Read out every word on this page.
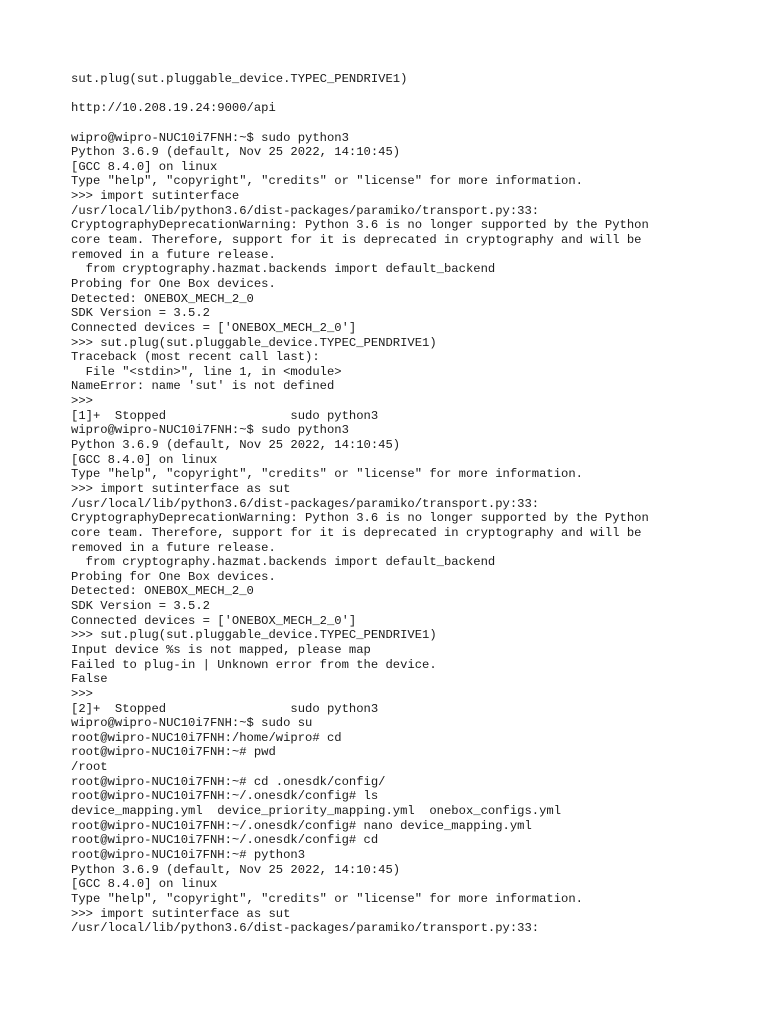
sut.plug(sut.pluggable_device.TYPEC_PENDRIVE1)
http://10.208.19.24:9000/api
wipro@wipro-NUC10i7FNH:~$ sudo python3
Python 3.6.9 (default, Nov 25 2022, 14:10:45)
[GCC 8.4.0] on linux
Type "help", "copyright", "credits" or "license" for more information.
>>> import sutinterface
/usr/local/lib/python3.6/dist-packages/paramiko/transport.py:33:
CryptographyDeprecationWarning: Python 3.6 is no longer supported by the Python
core team. Therefore, support for it is deprecated in cryptography and will be
removed in a future release.
from cryptography.hazmat.backends import default_backend
Probing for One Box devices.
Detected: ONEBOX_MECH_2_0
SDK Version = 3.5.2
Connected devices = ['ONEBOX_MECH_2_0']
>>> sut.plug(sut.pluggable_device.TYPEC_PENDRIVE1)
Traceback (most recent call last):
File "<stdin>", line 1, in <module>
NameError: name 'sut' is not defined
>>>
[1]+  Stopped                 sudo python3
wipro@wipro-NUC10i7FNH:~$ sudo python3
Python 3.6.9 (default, Nov 25 2022, 14:10:45)
[GCC 8.4.0] on linux
Type "help", "copyright", "credits" or "license" for more information.
>>> import sutinterface as sut
/usr/local/lib/python3.6/dist-packages/paramiko/transport.py:33:
CryptographyDeprecationWarning: Python 3.6 is no longer supported by the Python
core team. Therefore, support for it is deprecated in cryptography and will be
removed in a future release.
from cryptography.hazmat.backends import default_backend
Probing for One Box devices.
Detected: ONEBOX_MECH_2_0
SDK Version = 3.5.2
Connected devices = ['ONEBOX_MECH_2_0']
>>> sut.plug(sut.pluggable_device.TYPEC_PENDRIVE1)
Input device %s is not mapped, please map
Failed to plug-in | Unknown error from the device.
False
>>>
[2]+  Stopped                 sudo python3
wipro@wipro-NUC10i7FNH:~$ sudo su
root@wipro-NUC10i7FNH:/home/wipro# cd
root@wipro-NUC10i7FNH:~# pwd
/root
root@wipro-NUC10i7FNH:~# cd .onesdk/config/
root@wipro-NUC10i7FNH:~/.onesdk/config# ls
device_mapping.yml  device_priority_mapping.yml  onebox_configs.yml
root@wipro-NUC10i7FNH:~/.onesdk/config# nano device_mapping.yml
root@wipro-NUC10i7FNH:~/.onesdk/config# cd
root@wipro-NUC10i7FNH:~# python3
Python 3.6.9 (default, Nov 25 2022, 14:10:45)
[GCC 8.4.0] on linux
Type "help", "copyright", "credits" or "license" for more information.
>>> import sutinterface as sut
/usr/local/lib/python3.6/dist-packages/paramiko/transport.py:33:
